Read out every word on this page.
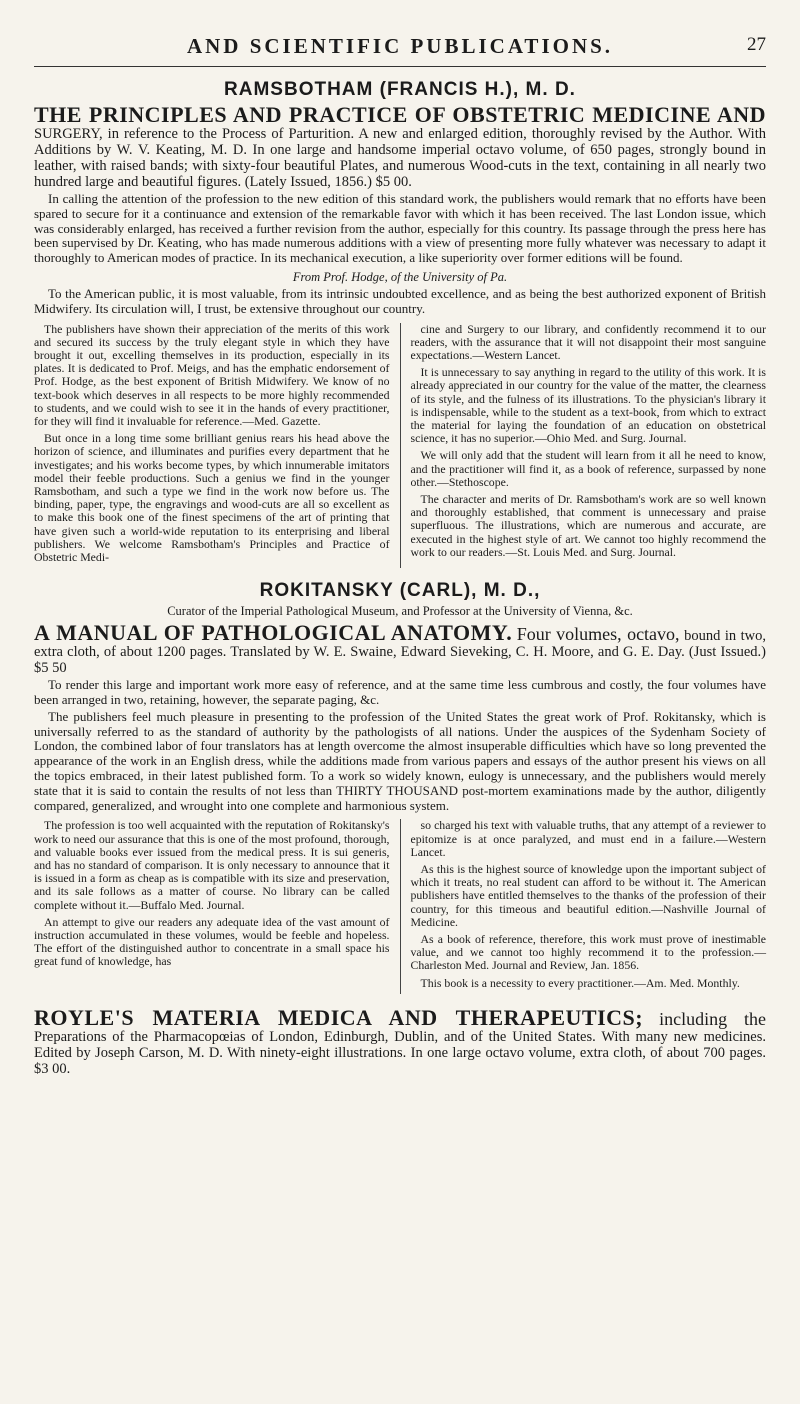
AND SCIENTIFIC PUBLICATIONS.	27
RAMSBOTHAM (FRANCIS H.), M. D.
THE PRINCIPLES AND PRACTICE OF OBSTETRIC MEDICINE AND SURGERY, in reference to the Process of Parturition. A new and enlarged edition, thoroughly revised by the Author. With Additions by W. V. Keating, M. D. In one large and handsome imperial octavo volume, of 650 pages, strongly bound in leather, with raised bands; with sixty-four beautiful Plates, and numerous Wood-cuts in the text, containing in all nearly two hundred large and beautiful figures. (Lately Issued, 1856.) $5 00.

In calling the attention of the profession to the new edition of this standard work, the publishers would remark that no efforts have been spared to secure for it a continuance and extension of the remarkable favor with which it has been received. The last London issue, which was considerably enlarged, has received a further revision from the author, especially for this country. Its passage through the press here has been supervised by Dr. Keating, who has made numerous additions with a view of presenting more fully whatever was necessary to adapt it thoroughly to American modes of practice. In its mechanical execution, a like superiority over former editions will be found.

From Prof. Hodge, of the University of Pa.

To the American public, it is most valuable, from its intrinsic undoubted excellence, and as being the best authorized exponent of British Midwifery. Its circulation will, I trust, be extensive throughout our country.

The publishers have shown their appreciation of the merits of this work and secured its success by the truly elegant style in which they have brought it out, excelling themselves in its production, especially in its plates. It is dedicated to Prof. Meigs, and has the emphatic endorsement of Prof. Hodge, as the best exponent of British Midwifery. We know of no text-book which deserves in all respects to be more highly recommended to students, and we could wish to see it in the hands of every practitioner, for they will find it invaluable for reference.—Med. Gazette.

But once in a long time some brilliant genius rears his head above the horizon of science, and illuminates and purifies every department that he investigates; and his works become types, by which innumerable imitators model their feeble productions. Such a genius we find in the younger Ramsbotham, and such a type we find in the work now before us. The binding, paper, type, the engravings and wood-cuts are all so excellent as to make this book one of the finest specimens of the art of printing that have given such a world-wide reputation to its enterprising and liberal publishers. We welcome Ramsbotham's Principles and Practice of Obstetric Medi-

cine and Surgery to our library, and confidently recommend it to our readers, with the assurance that it will not disappoint their most sanguine expectations.—Western Lancet.

It is unnecessary to say anything in regard to the utility of this work. It is already appreciated in our country for the value of the matter, the clearness of its style, and the fulness of its illustrations. To the physician's library it is indispensable, while to the student as a text-book, from which to extract the material for laying the foundation of an education on obstetrical science, it has no superior.—Ohio Med. and Surg. Journal.

We will only add that the student will learn from it all he need to know, and the practitioner will find it, as a book of reference, surpassed by none other.—Stethoscope.

The character and merits of Dr. Ramsbotham's work are so well known and thoroughly established, that comment is unnecessary and praise superfluous. The illustrations, which are numerous and accurate, are executed in the highest style of art. We cannot too highly recommend the work to our readers.—St. Louis Med. and Surg. Journal.

ROKITANSKY (CARL), M. D.,
Curator of the Imperial Pathological Museum, and Professor at the University of Vienna, &c.
A MANUAL OF PATHOLOGICAL ANATOMY. Four volumes, octavo, bound in two, extra cloth, of about 1200 pages. Translated by W. E. Swaine, Edward Sieveking, C. H. Moore, and G. E. Day. (Just Issued.) $5 50

To render this large and important work more easy of reference, and at the same time less cumbrous and costly, the four volumes have been arranged in two, retaining, however, the separate paging, &c.

The publishers feel much pleasure in presenting to the profession of the United States the great work of Prof. Rokitansky, which is universally referred to as the standard of authority by the pathologists of all nations. Under the auspices of the Sydenham Society of London, the combined labor of four translators has at length overcome the almost insuperable difficulties which have so long prevented the appearance of the work in an English dress, while the additions made from various papers and essays of the author present his views on all the topics embraced, in their latest published form. To a work so widely known, eulogy is unnecessary, and the publishers would merely state that it is said to contain the results of not less than THIRTY THOUSAND post-mortem examinations made by the author, diligently compared, generalized, and wrought into one complete and harmonious system.

The profession is too well acquainted with the reputation of Rokitansky's work to need our assurance that this is one of the most profound, thorough, and valuable books ever issued from the medical press. It is sui generis, and has no standard of comparison. It is only necessary to announce that it is issued in a form as cheap as is compatible with its size and preservation, and its sale follows as a matter of course. No library can be called complete without it.—Buffalo Med. Journal.

An attempt to give our readers any adequate idea of the vast amount of instruction accumulated in these volumes, would be feeble and hopeless. The effort of the distinguished author to concentrate in a small space his great fund of knowledge, has

so charged his text with valuable truths, that any attempt of a reviewer to epitomize is at once paralyzed, and must end in a failure.—Western Lancet.

As this is the highest source of knowledge upon the important subject of which it treats, no real student can afford to be without it. The American publishers have entitled themselves to the thanks of the profession of their country, for this timeous and beautiful edition.—Nashville Journal of Medicine.

As a book of reference, therefore, this work must prove of inestimable value, and we cannot too highly recommend it to the profession.—Charleston Med. Journal and Review, Jan. 1856.

This book is a necessity to every practitioner.—Am. Med. Monthly.

ROYLE'S MATERIA MEDICA AND THERAPEUTICS; including the Preparations of the Pharmacopœias of London, Edinburgh, Dublin, and of the United States. With many new medicines. Edited by Joseph Carson, M. D. With ninety-eight illustrations. In one large octavo volume, extra cloth, of about 700 pages. $3 00.
